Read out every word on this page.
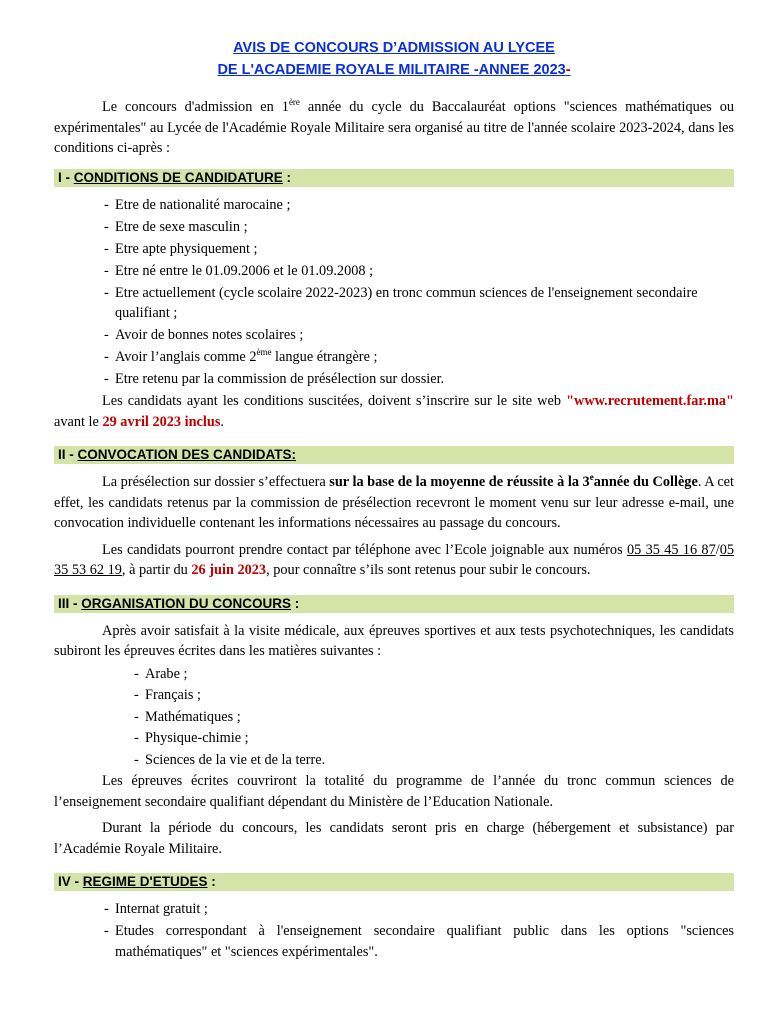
AVIS DE CONCOURS D’ADMISSION AU LYCEE
DE L'ACADEMIE ROYALE MILITAIRE -ANNEE 2023-

Le concours d'admission en 1ère année du cycle du Baccalauréat options "sciences mathématiques ou expérimentales" au Lycée de l'Académie Royale Militaire sera organisé au titre de l'année scolaire 2023-2024, dans les conditions ci-après :

I - CONDITIONS DE CANDIDATURE :
- Etre de nationalité marocaine ;
- Etre de sexe masculin ;
- Etre apte physiquement ;
- Etre né entre le 01.09.2006 et le 01.09.2008 ;
- Etre actuellement (cycle scolaire 2022-2023) en tronc commun sciences de l'enseignement secondaire qualifiant ;
- Avoir de bonnes notes scolaires ;
- Avoir l’anglais comme 2ème langue étrangère ;
- Etre retenu par la commission de présélection sur dossier.

Les candidats ayant les conditions suscitées, doivent s’inscrire sur le site web "www.recrutement.far.ma" avant le 29 avril 2023 inclus.

II - CONVOCATION DES CANDIDATS:

La présélection sur dossier s’effectuera sur la base de la moyenne de réussite à la 3eannée du Collège. A cet effet, les candidats retenus par la commission de présélection recevront le moment venu sur leur adresse e-mail, une convocation individuelle contenant les informations nécessaires au passage du concours.

Les candidats pourront prendre contact par téléphone avec l’Ecole joignable aux numéros 05 35 45 16 87/05 35 53 62 19, à partir du 26 juin 2023, pour connaître s’ils sont retenus pour subir le concours.

III - ORGANISATION DU CONCOURS :

Après avoir satisfait à la visite médicale, aux épreuves sportives et aux tests psychotechniques, les candidats subiront les épreuves écrites dans les matières suivantes :

- Arabe ;
- Français ;
- Mathématiques ;
- Physique-chimie ;
- Sciences de la vie et de la terre.

Les épreuves écrites couvriront la totalité du programme de l’année du tronc commun sciences de l’enseignement secondaire qualifiant dépendant du Ministère de l’Education Nationale.

Durant la période du concours, les candidats seront pris en charge (hébergement et subsistance) par l’Académie Royale Militaire.

IV - REGIME D'ETUDES :
- Internat gratuit ;
- Etudes correspondant à l'enseignement secondaire qualifiant public dans les options "sciences mathématiques" et "sciences expérimentales".
